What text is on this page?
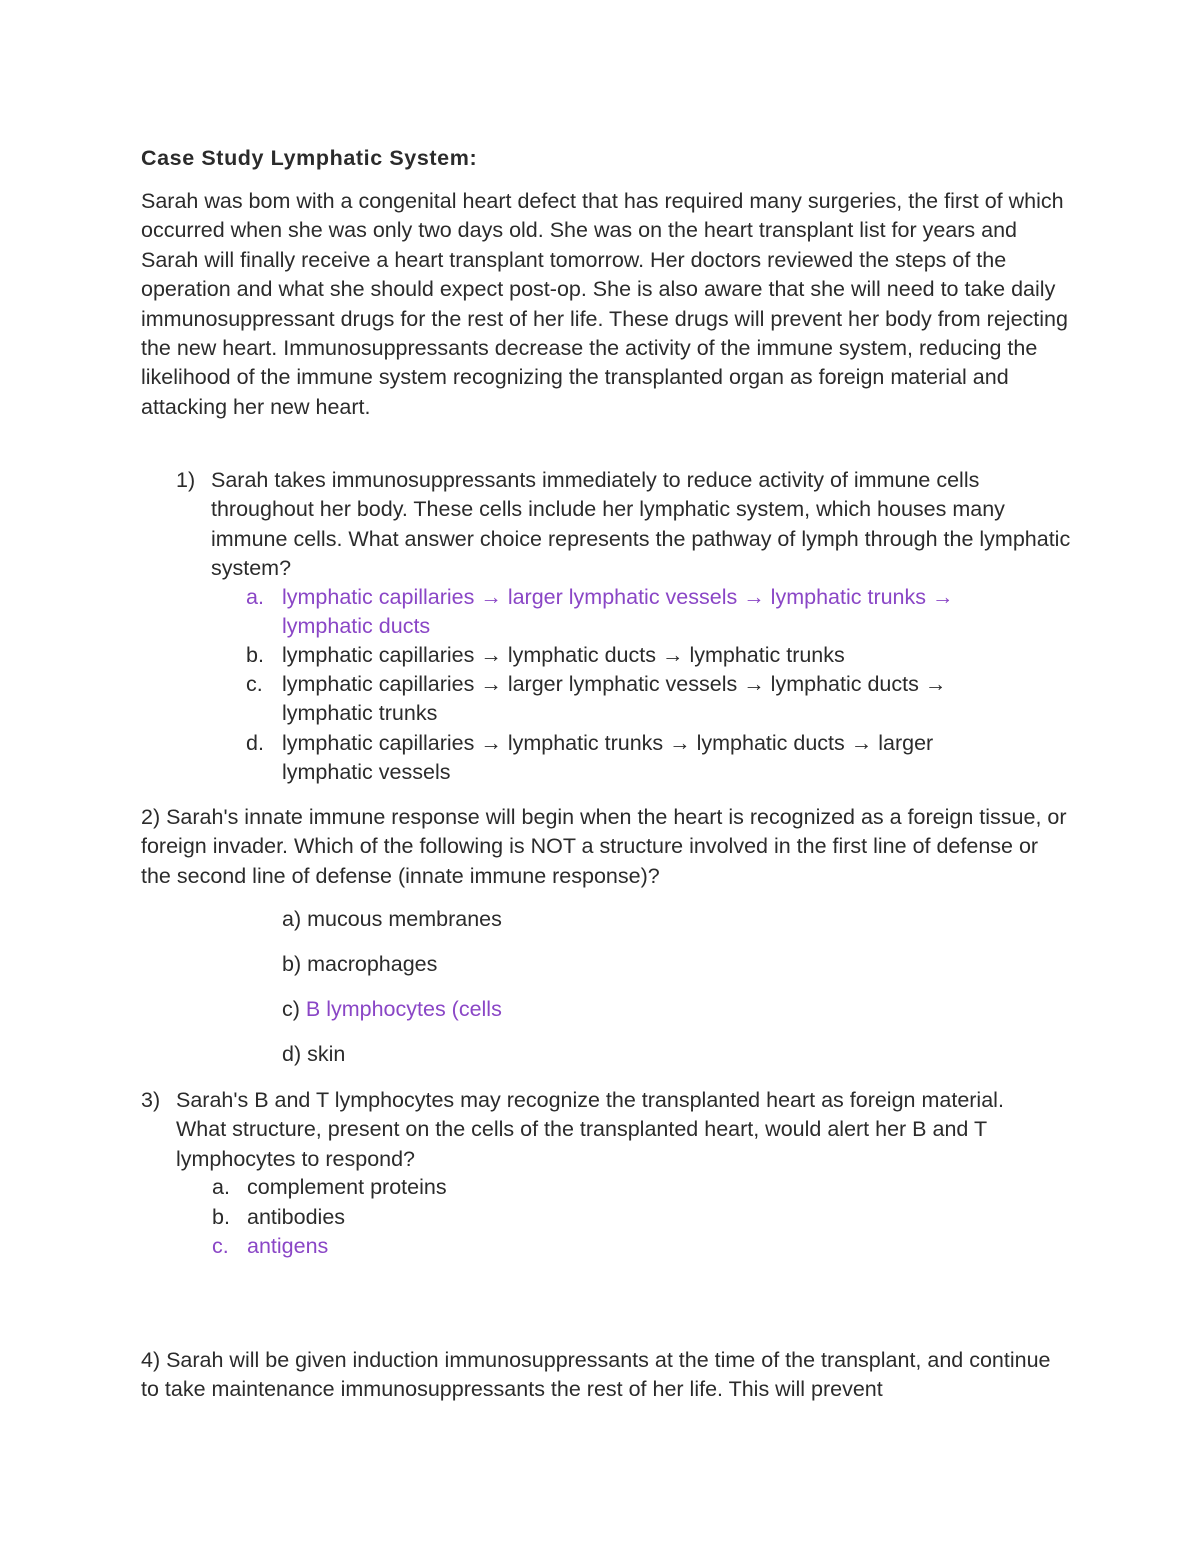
Case Study Lymphatic System:

Sarah was bom with a congenital heart defect that has required many surgeries, the first of which occurred when she was only two days old. She was on the heart transplant list for years and Sarah will finally receive a heart transplant tomorrow. Her doctors reviewed the steps of the operation and what she should expect post-op. She is also aware that she will need to take daily immunosuppressant drugs for the rest of her life. These drugs will prevent her body from rejecting the new heart. Immunosuppressants decrease the activity of the immune system, reducing the likelihood of the immune system recognizing the transplanted organ as foreign material and attacking her new heart.

1) Sarah takes immunosuppressants immediately to reduce activity of immune cells throughout her body. These cells include her lymphatic system, which houses many immune cells. What answer choice represents the pathway of lymph through the lymphatic system?

a. lymphatic capillaries → larger lymphatic vessels → lymphatic trunks → lymphatic ducts
b. lymphatic capillaries → lymphatic ducts → lymphatic trunks
c. lymphatic capillaries → larger lymphatic vessels → lymphatic ducts → lymphatic trunks
d. lymphatic capillaries → lymphatic trunks → lymphatic ducts → larger lymphatic vessels

2) Sarah's innate immune response will begin when the heart is recognized as a foreign tissue, or foreign invader. Which of the following is NOT a structure involved in the first line of defense or the second line of defense (innate immune response)?

a) mucous membranes
b) macrophages
c) B lymphocytes (cells
d) skin
3) Sarah's B and T lymphocytes may recognize the transplanted heart as foreign material. What structure, present on the cells of the transplanted heart, would alert her B and T lymphocytes to respond?

a. complement proteins
b. antibodies
c. antigens

4) Sarah will be given induction immunosuppressants at the time of the transplant, and continue to take maintenance immunosuppressants the rest of her life. This will prevent
